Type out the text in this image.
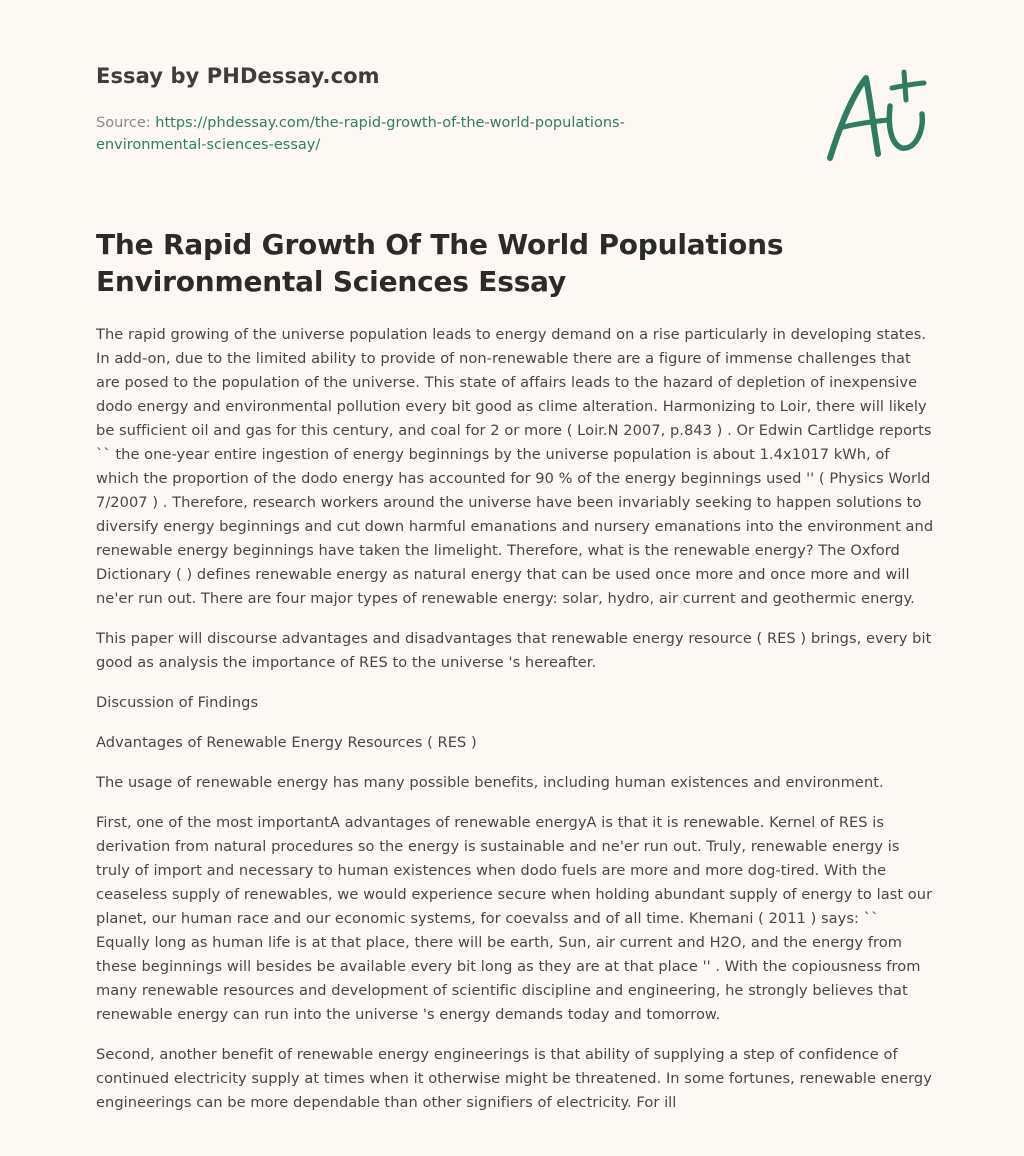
Essay by PHDessay.com
Source: https://phdessay.com/the-rapid-growth-of-the-world-populations-environmental-sciences-essay/
The Rapid Growth Of The World Populations Environmental Sciences Essay

The rapid growing of the universe population leads to energy demand on a rise particularly in developing states. In add-on, due to the limited ability to provide of non-renewable there are a figure of immense challenges that are posed to the population of the universe. This state of affairs leads to the hazard of depletion of inexpensive dodo energy and environmental pollution every bit good as clime alteration. Harmonizing to Loir, there will likely be sufficient oil and gas for this century, and coal for 2 or more ( Loir.N 2007, p.843 ) . Or Edwin Cartlidge reports `` the one-year entire ingestion of energy beginnings by the universe population is about 1.4x1017 kWh, of which the proportion of the dodo energy has accounted for 90 % of the energy beginnings used '' ( Physics World 7/2007 ) . Therefore, research workers around the universe have been invariably seeking to happen solutions to diversify energy beginnings and cut down harmful emanations and nursery emanations into the environment and renewable energy beginnings have taken the limelight. Therefore, what is the renewable energy? The Oxford Dictionary ( ) defines renewable energy as natural energy that can be used once more and once more and will ne'er run out. There are four major types of renewable energy: solar, hydro, air current and geothermic energy.

This paper will discourse advantages and disadvantages that renewable energy resource ( RES ) brings, every bit good as analysis the importance of RES to the universe 's hereafter.

Discussion of Findings

Advantages of Renewable Energy Resources ( RES )

The usage of renewable energy has many possible benefits, including human existences and environment.

First, one of the most importantA advantages of renewable energyA is that it is renewable. Kernel of RES is derivation from natural procedures so the energy is sustainable and ne'er run out. Truly, renewable energy is truly of import and necessary to human existences when dodo fuels are more and more dog-tired. With the ceaseless supply of renewables, we would experience secure when holding abundant supply of energy to last our planet, our human race and our economic systems, for coevalss and of all time. Khemani ( 2011 ) says: `` Equally long as human life is at that place, there will be earth, Sun, air current and H2O, and the energy from these beginnings will besides be available every bit long as they are at that place '' . With the copiousness from many renewable resources and development of scientific discipline and engineering, he strongly believes that renewable energy can run into the universe 's energy demands today and tomorrow.

Second, another benefit of renewable energy engineerings is that ability of supplying a step of confidence of continued electricity supply at times when it otherwise might be threatened. In some fortunes, renewable energy engineerings can be more dependable than other signifiers of electricity. For ill
